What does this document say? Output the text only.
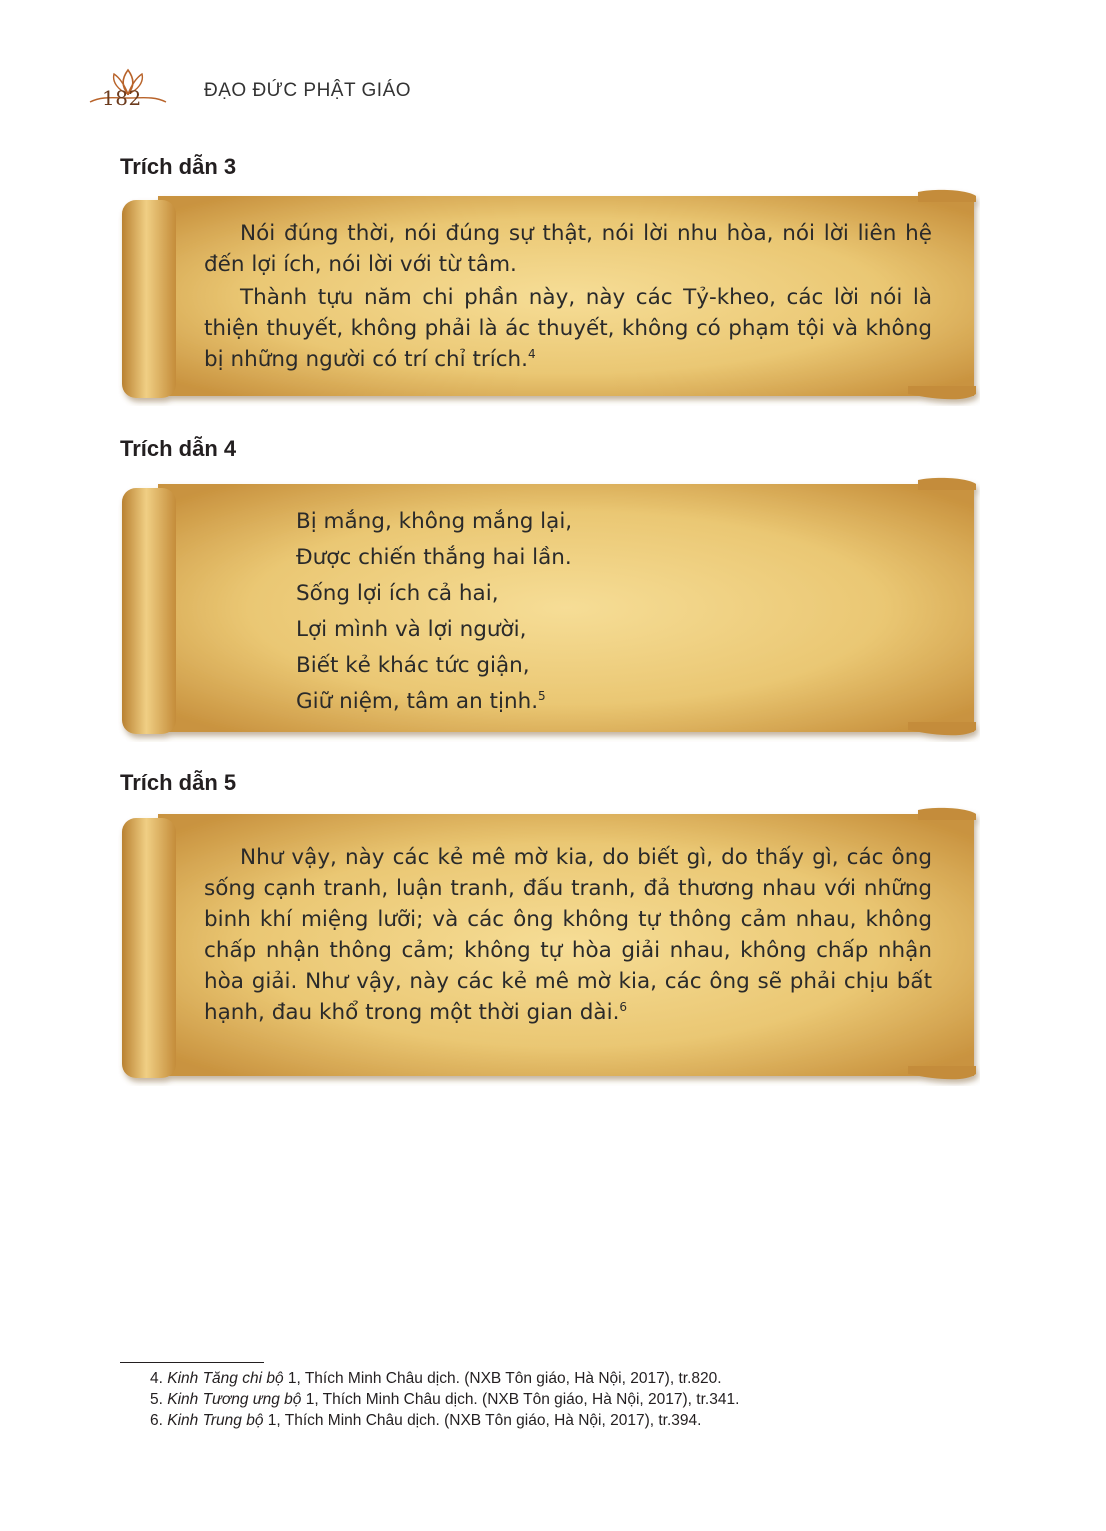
182	ĐẠO ĐỨC PHẬT GIÁO
Trích dẫn 3

Nói đúng thời, nói đúng sự thật, nói lời nhu hòa, nói lời liên hệ đến lợi ích, nói lời với từ tâm.

Thành tựu năm chi phần này, này các Tỷ-kheo, các lời nói là thiện thuyết, không phải là ác thuyết, không có phạm tội và không bị những người có trí chỉ trích.$^4$

Trích dẫn 4
Bị mắng, không mắng lại,
Được chiến thắng hai lần.
Sống lợi ích cả hai,
Lợi mình và lợi người,
Biết kẻ khác tức giận,
Giữ niệm, tâm an tịnh.$^5$
Trích dẫn 5

Như vậy, này các kẻ mê mờ kia, do biết gì, do thấy gì, các ông sống cạnh tranh, luận tranh, đấu tranh, đả thương nhau với những binh khí miệng lưỡi; và các ông không tự thông cảm nhau, không chấp nhận thông cảm; không tự hòa giải nhau, không chấp nhận hòa giải. Như vậy, này các kẻ mê mờ kia, các ông sẽ phải chịu bất hạnh, đau khổ trong một thời gian dài.$^6$

4. Kinh Tăng chi bộ 1, Thích Minh Châu dịch. (NXB Tôn giáo, Hà Nội, 2017), tr.820.
5. Kinh Tương ưng bộ 1, Thích Minh Châu dịch. (NXB Tôn giáo, Hà Nội, 2017), tr.341.
6. Kinh Trung bộ 1, Thích Minh Châu dịch. (NXB Tôn giáo, Hà Nội, 2017), tr.394.
